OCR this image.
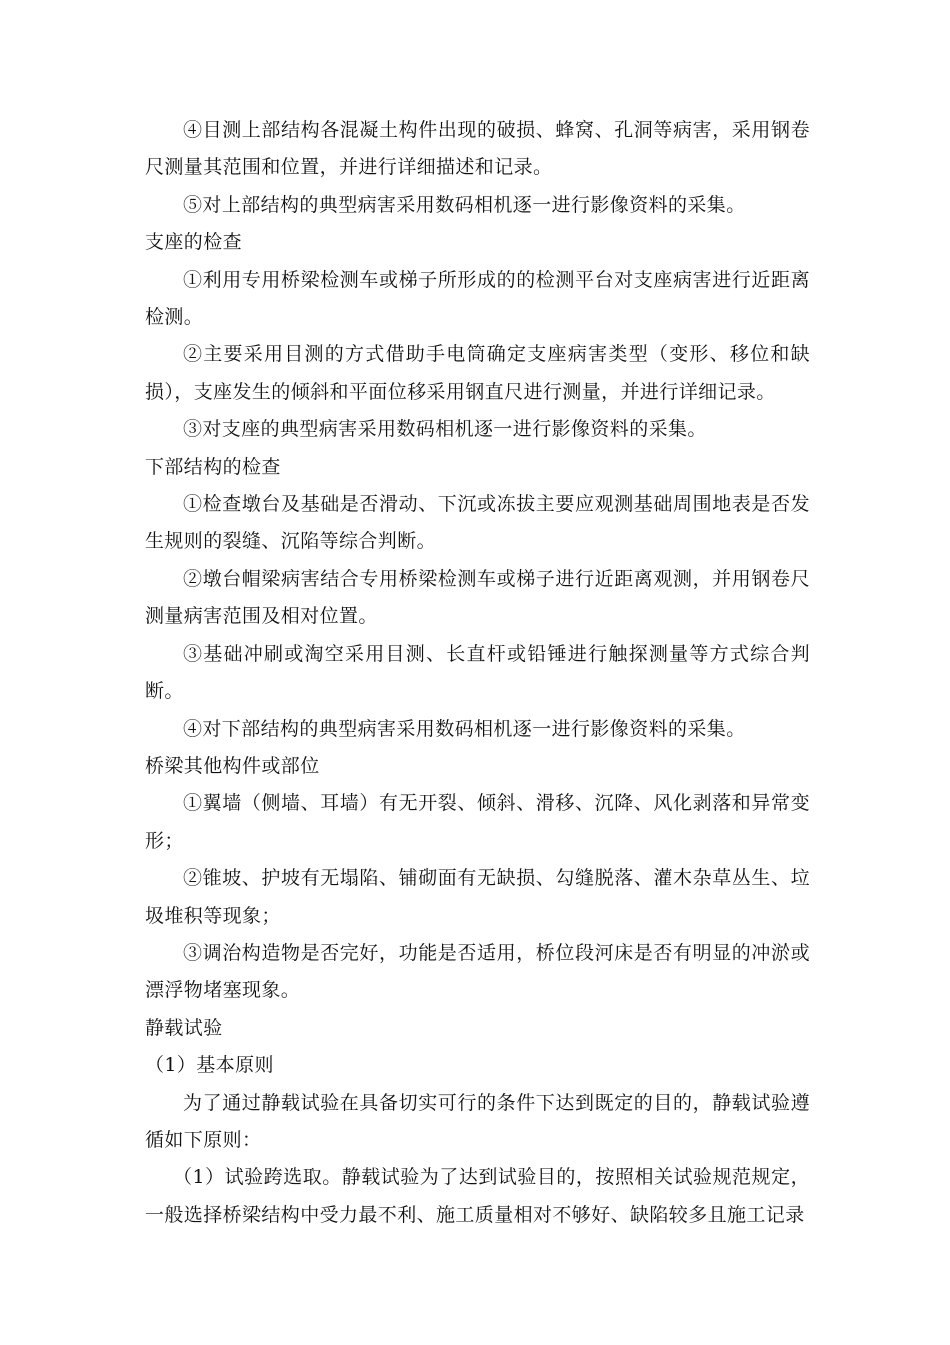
④目测上部结构各混凝土构件出现的破损、蜂窝、孔洞等病害，采用钢卷尺测量其范围和位置，并进行详细描述和记录。

⑤对上部结构的典型病害采用数码相机逐一进行影像资料的采集。

支座的检查

①利用专用桥梁检测车或梯子所形成的的检测平台对支座病害进行近距离检测。

②主要采用目测的方式借助手电筒确定支座病害类型（变形、移位和缺损），支座发生的倾斜和平面位移采用钢直尺进行测量，并进行详细记录。

③对支座的典型病害采用数码相机逐一进行影像资料的采集。

下部结构的检查

①检查墩台及基础是否滑动、下沉或冻拔主要应观测基础周围地表是否发生规则的裂缝、沉陷等综合判断。

②墩台帽梁病害结合专用桥梁检测车或梯子进行近距离观测，并用钢卷尺测量病害范围及相对位置。

③基础冲刷或淘空采用目测、长直杆或铅锤进行触探测量等方式综合判断。

④对下部结构的典型病害采用数码相机逐一进行影像资料的采集。

桥梁其他构件或部位

①翼墙（侧墙、耳墙）有无开裂、倾斜、滑移、沉降、风化剥落和异常变形；

②锥坡、护坡有无塌陷、铺砌面有无缺损、勾缝脱落、灌木杂草丛生、垃圾堆积等现象；

③调治构造物是否完好，功能是否适用，桥位段河床是否有明显的冲淤或漂浮物堵塞现象。

静载试验

（1）基本原则

为了通过静载试验在具备切实可行的条件下达到既定的目的，静载试验遵循如下原则：

（1）试验跨选取。静载试验为了达到试验目的，按照相关试验规范规定，一般选择桥梁结构中受力最不利、施工质量相对不够好、缺陷较多且施工记录
